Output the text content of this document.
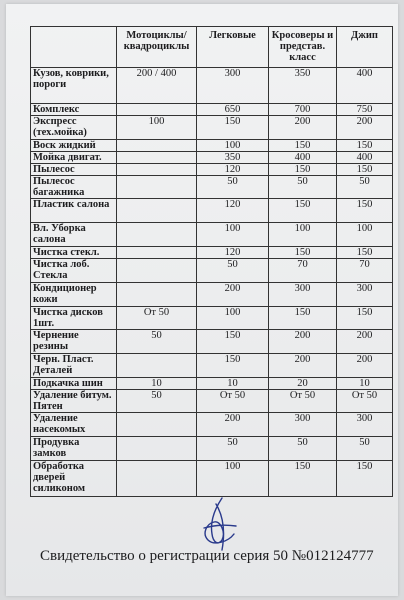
	Мотоциклы/ квадроциклы	Легковые	Кросоверы и представ. класс	Джип
Кузов, коврики, пороги	200 / 400	300	350	400
Комплекс		650	700	750
Экспресс (тех.мойка)	100	150	200	200
Воск жидкий		100	150	150
Мойка двигат.		350	400	400
Пылесос		120	150	150
Пылесос багажника		50	50	50
Пластик салона		120	150	150
Вл. Уборка салона		100	100	100
Чистка стекл.		120	150	150
Чистка лоб. Стекла		50	70	70
Кондиционер кожи		200	300	300
Чистка дисков 1шт.	От 50	100	150	150
Чернение резины	50	150	200	200
Черн. Пласт. Деталей		150	200	200
Подкачка шин	10	10	20	10
Удаление битум. Пятен	50	От 50	От 50	От 50
Удаление насекомых		200	300	300
Продувка замков		50	50	50
Обработка дверей силиконом		100	150	150
Свидетельство о регистрации серия 50 №012124777
